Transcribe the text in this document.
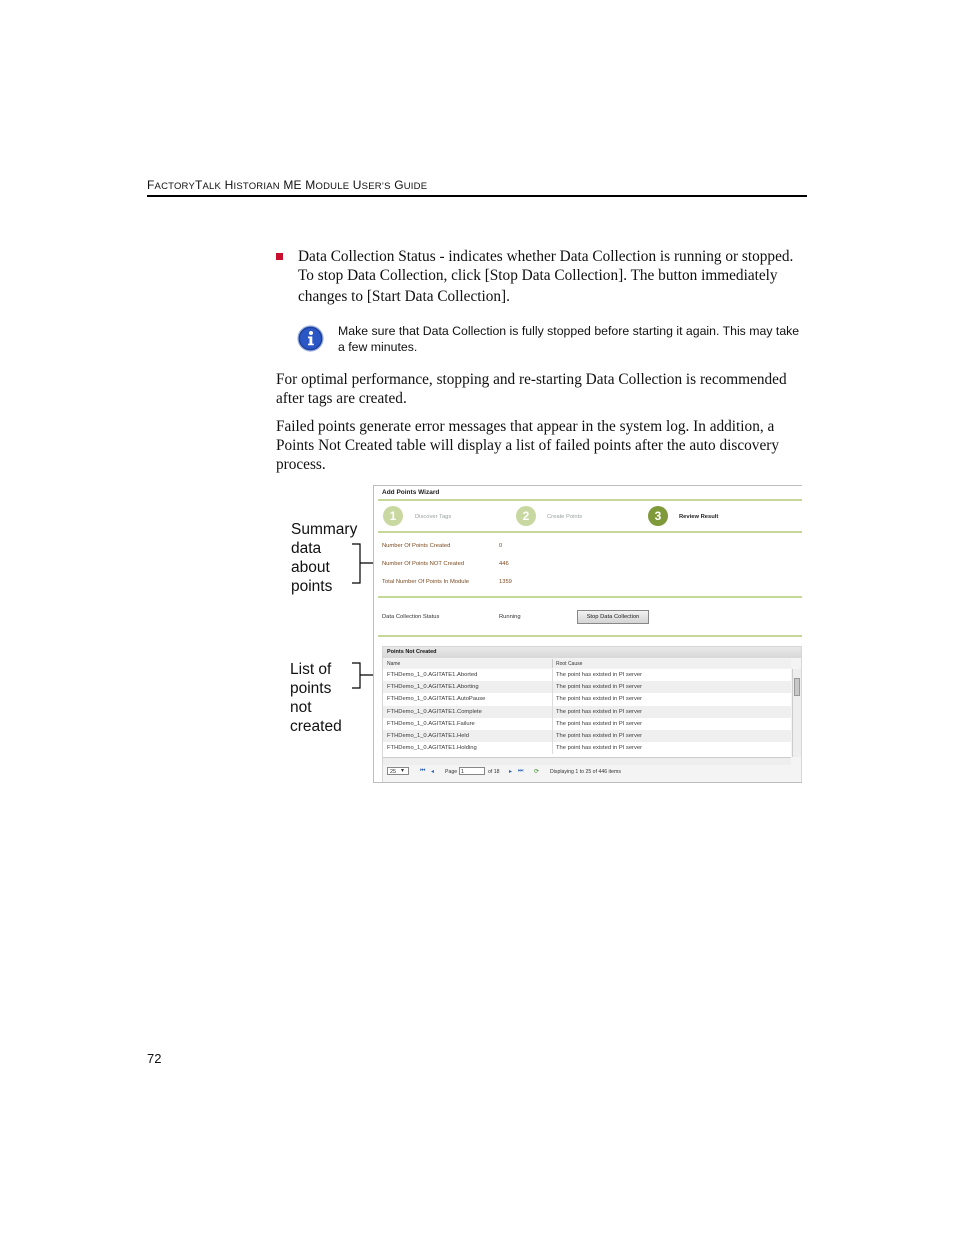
FACTORYTALK HISTORIAN ME MODULE USER’S GUIDE
Data Collection Status - indicates whether Data Collection is running or stopped.
To stop Data Collection, click [Stop Data Collection]. The button immediately
changes to [Start Data Collection].
Make sure that Data Collection is fully stopped before starting it again. This may take
a few minutes.
For optimal performance, stopping and re-starting Data Collection is recommended
after tags are created.
Failed points generate error messages that appear in the system log. In addition, a
Points Not Created table will display a list of failed points after the auto discovery
process.
Summary
data
about
points
List of
points
not
created
Add Points Wizard
1	Discover Tags	2	Create Points	3	Review Result
Number Of Points Created	0
Number Of Points NOT Created	446
Total Number Of Points In Module	1359
Data Collection Status	Running	Stop Data Collection
Points Not Created
Name	Root Cause
FTHDemo_1_0.AGITATE1.Aborted	The point has existed in PI server
FTHDemo_1_0.AGITATE1.Aborting	The point has existed in PI server
FTHDemo_1_0.AGITATE1.AutoPause	The point has existed in PI server
FTHDemo_1_0.AGITATE1.Complete	The point has existed in PI server
FTHDemo_1_0.AGITATE1.Failure	The point has existed in PI server
FTHDemo_1_0.AGITATE1.Held	The point has existed in PI server
FTHDemo_1_0.AGITATE1.Holding	The point has existed in PI server
25 ▾	⏮ ◂ Page 1	of 18 ▸ ⏭ ⟳ Displaying 1 to 25 of 446 items
72
